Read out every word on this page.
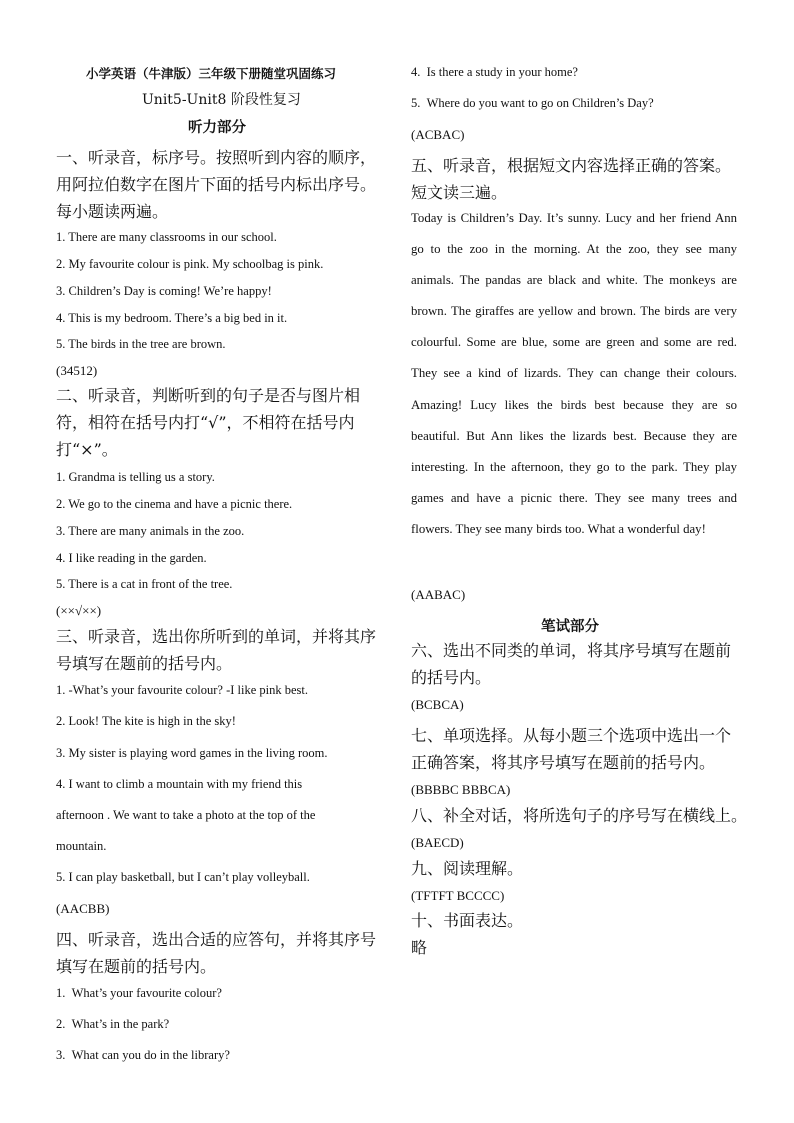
小学英语（牛津版）三年级下册随堂巩固练习
Unit5-Unit8 阶段性复习
听力部分
一、听录音，标序号。按照听到内容的顺序，用阿拉伯数字在图片下面的括号内标出序号。每小题读两遍。
1. There are many classrooms in our school.
2. My favourite colour is pink. My schoolbag is pink.
3. Children’s Day is coming! We’re happy!
4. This is my bedroom. There’s a big bed in it.
5. The birds in the tree are brown.
(34512)
二、听录音，判断听到的句子是否与图片相符，相符在括号内打“√”，不相符在括号内打“×”。
1. Grandma is telling us a story.
2. We go to the cinema and have a picnic there.
3. There are many animals in the zoo.
4. I like reading in the garden.
5. There is a cat in front of the tree.
(××√××)
三、听录音，选出你所听到的单词，并将其序号填写在题前的括号内。
1. -What’s your favourite colour? -I like pink best.
2. Look! The kite is high in the sky!
3. My sister is playing word games in the living room.
4. I want to climb a mountain with my friend this
afternoon . We want to take a photo at the top of the
mountain.
5. I can play basketball, but I can’t play volleyball.
(AACBB)
四、听录音，选出合适的应答句，并将其序号填写在题前的括号内。
1. What’s your favourite colour?
2. What’s in the park?
3. What can you do in the library?
4. Is there a study in your home?
5. Where do you want to go on Children’s Day?
(ACBAC)
五、听录音，根据短文内容选择正确的答案。短文读三遍。
Today is Children’s Day. It’s sunny. Lucy and her friend Ann go to the zoo in the morning. At the zoo, they see many animals. The pandas are black and white. The monkeys are brown. The giraffes are yellow and brown. The birds are very colourful. Some are blue, some are green and some are red. They see a kind of lizards. They can change their colours. Amazing! Lucy likes the birds best because they are so beautiful. But Ann likes the lizards best. Because they are interesting. In the afternoon, they go to the park. They play games and have a picnic there. They see many trees and flowers. They see many birds too. What a wonderful day!
(AABAC)
笔试部分
六、选出不同类的单词，将其序号填写在题前的括号内。
(BCBCA)
七、单项选择。从每小题三个选项中选出一个正确答案，将其序号填写在题前的括号内。
(BBBBC BBBCA)
八、补全对话，将所选句子的序号写在横线上。
(BAECD)
九、阅读理解。
(TFTFT BCCCC)
十、书面表达。
略
